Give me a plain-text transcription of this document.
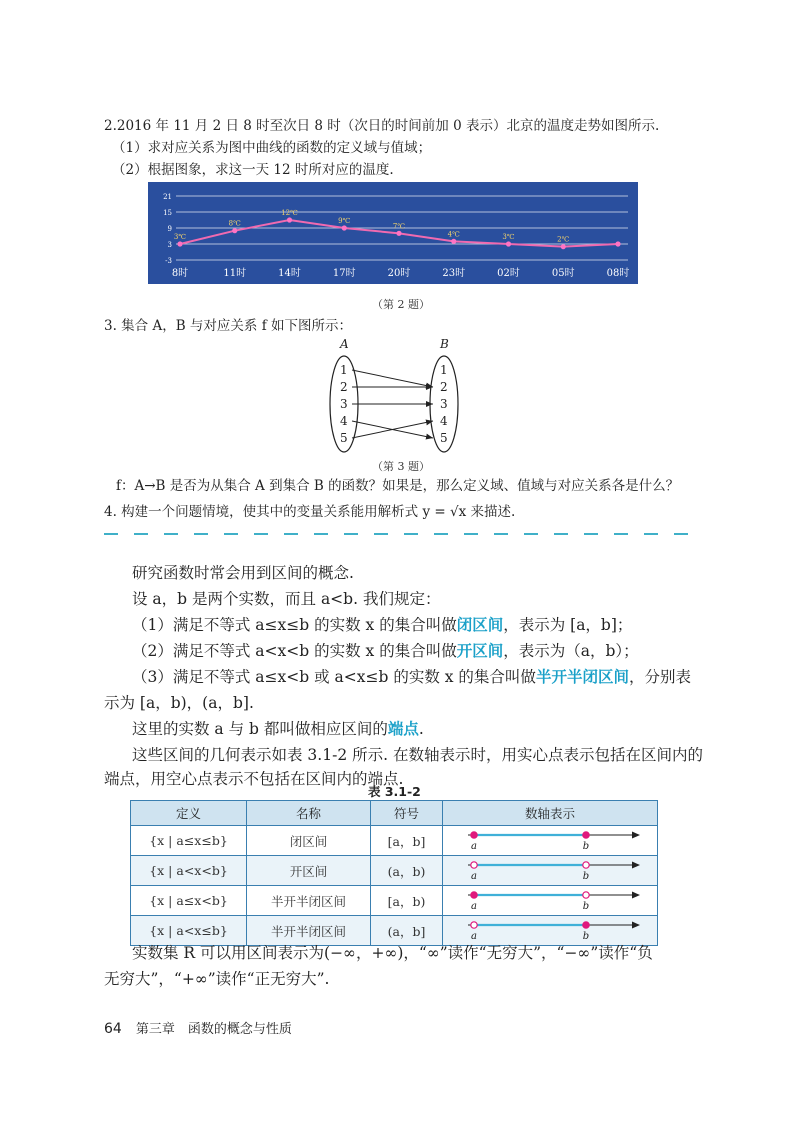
2.2016 年 11 月 2 日 8 时至次日 8 时（次日的时间前加 0 表示）北京的温度走势如图所示.
（1）求对应关系为图中曲线的函数的定义域与值域；
（2）根据图象，求这一天 12 时所对应的温度.
21
15
9
3
-3
3℃
8℃
12℃
9℃
7℃
4℃	3℃	2℃
8时	11时	14时	17时	20时	23时	02时	05时	08时
（第 2 题）
3. 集合 A，B 与对应关系 f 如下图所示：
A	B
1
2
3
4
5
1
2
3
4
5
（第 3 题）
f：A→B 是否为从集合 A 到集合 B 的函数？如果是，那么定义域、值域与对应关系各是什么？
4. 构建一个问题情境，使其中的变量关系能用解析式 y = √x 来描述.
研究函数时常会用到区间的概念.
设 a，b 是两个实数，而且 a<b. 我们规定：
（1）满足不等式 a≤x≤b 的实数 x 的集合叫做闭区间，表示为 [a，b]；
（2）满足不等式 a<x<b 的实数 x 的集合叫做开区间，表示为（a，b）；
（3）满足不等式 a≤x<b 或 a<x≤b 的实数 x 的集合叫做半开半闭区间，分别表
示为 [a，b)，(a，b].
这里的实数 a 与 b 都叫做相应区间的端点.
这些区间的几何表示如表 3.1-2 所示. 在数轴表示时，用实心点表示包括在区间内的
端点，用空心点表示不包括在区间内的端点.
表 3.1-2
定义	名称	符号	数轴表示
{x | a≤x≤b}	闭区间	[a，b]	a b

{x | a<x<b}	开区间	(a，b)	a b

{x | a≤x<b}	半开半闭区间	[a，b)	a b

{x | a<x≤b}	半开半闭区间	(a，b]	a b
实数集 R 可以用区间表示为(−∞，+∞)，“∞”读作“无穷大”，“−∞”读作“负
无穷大”，“+∞”读作“正无穷大”.
64 第三章　函数的概念与性质
